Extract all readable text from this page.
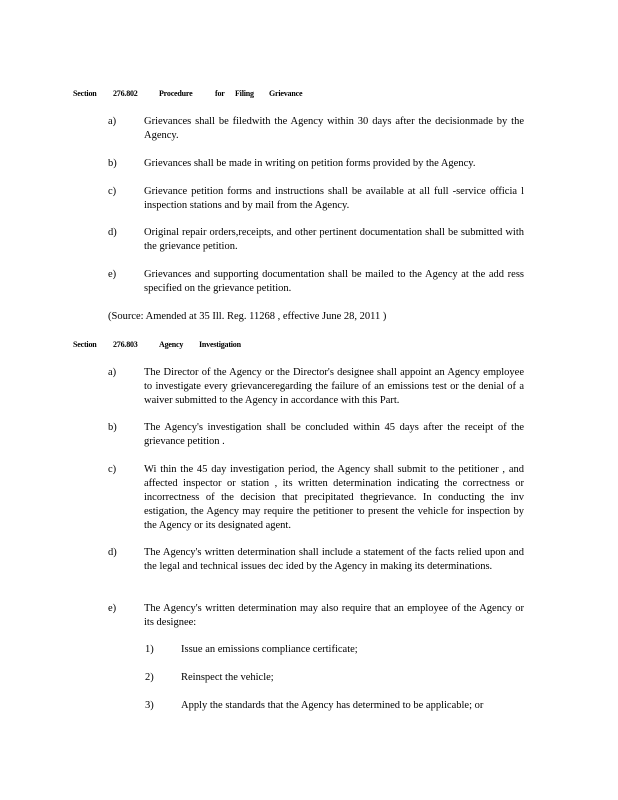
Section 276.802	Procedure	for Filing Grievance
a)	Grievances shall be filedwith the Agency within 30 days after the decisionmade by the Agency.
b)	Grievances shall be made in writing on petition forms provided by the Agency.
c)	Grievance petition forms and instructions shall be available at all full -service officia l inspection stations and by mail from the Agency.
d)	Original repair orders,receipts, and other pertinent documentation shall be submitted with the grievance petition.
e)	Grievances and supporting documentation shall be mailed to the Agency at the add ress specified on the grievance petition.
(Source: Amended at 35 Ill. Reg. 11268 , effective June 28, 2011 )
Section 276.803	Agency Investigation
a)	The Director of the Agency or the Director's designee shall appoint an Agency employee to investigate every grievanceregarding the failure of an emissions test or the denial of a waiver submitted to the Agency in accordance with this Part.
b)	The Agency's investigation shall be concluded within 45 days after the receipt of the grievance petition .
c)	Wi thin the 45 day investigation period, the Agency shall submit to the petitioner , and affected inspector or station , its written determination indicating the correctness or incorrectness of the decision that precipitated thegrievance. In conducting the inv estigation, the Agency may require the petitioner to present the vehicle for inspection by the Agency or its designated agent.
d)	The Agency's written determination shall include a statement of the facts relied upon and the legal and technical issues dec ided by the Agency in making its determinations.
e)	The Agency's written determination may also require that an employee of the Agency or its designee:
1)	Issue an emissions compliance certificate;
2)	Reinspect the vehicle;
3)	Apply the standards that the Agency has determined to be applicable; or
